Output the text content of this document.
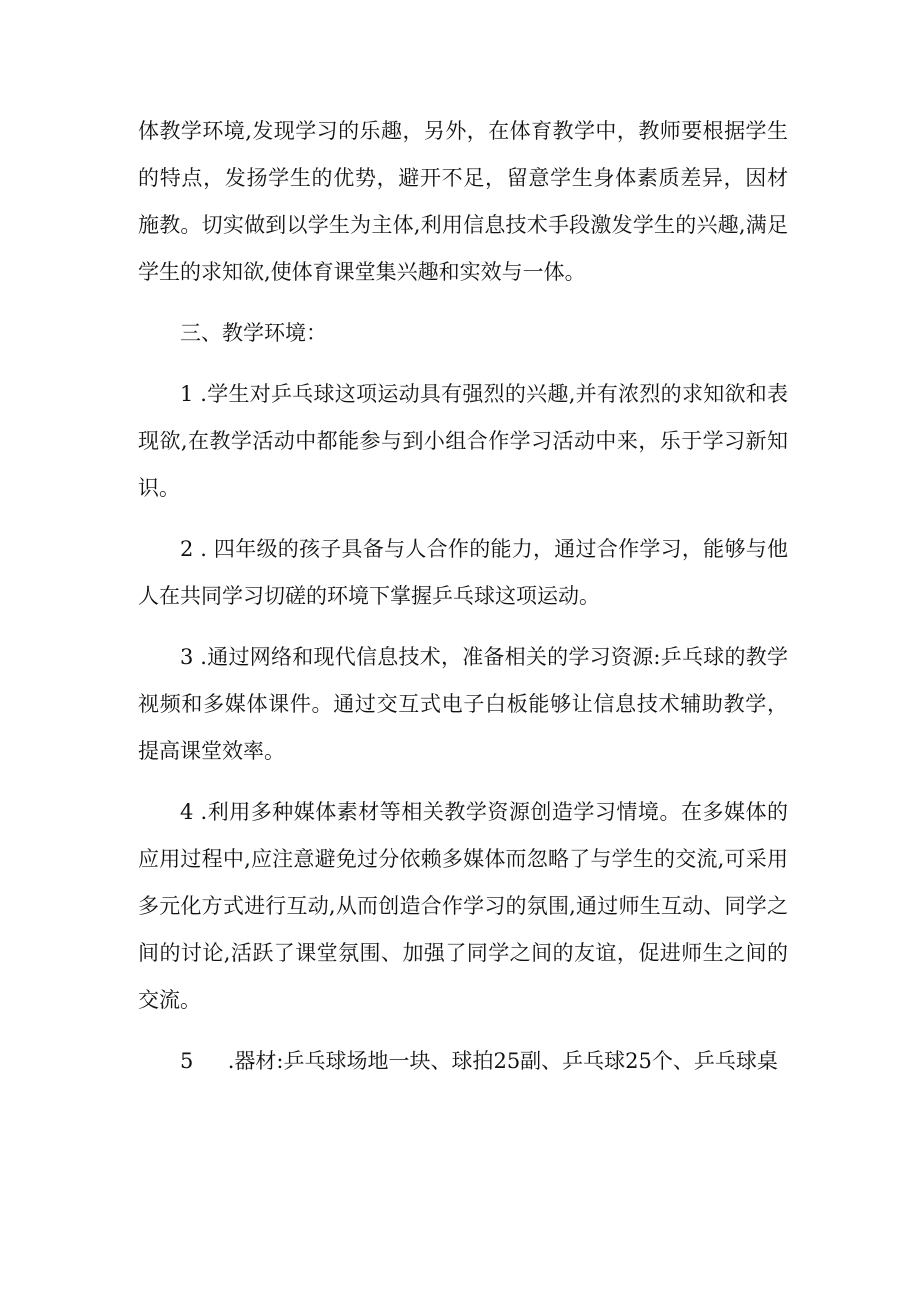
体教学环境,发现学习的乐趣，另外，在体育教学中，教师要根据学生的特点，发扬学生的优势，避开不足，留意学生身体素质差异，因材施教。切实做到以学生为主体,利用信息技术手段激发学生的兴趣,满足学生的求知欲,使体育课堂集兴趣和实效与一体。

三、教学环境：

1 .学生对乒乓球这项运动具有强烈的兴趣,并有浓烈的求知欲和表现欲,在教学活动中都能参与到小组合作学习活动中来，乐于学习新知识。

2 . 四年级的孩子具备与人合作的能力，通过合作学习，能够与他人在共同学习切磋的环境下掌握乒乓球这项运动。

3 .通过网络和现代信息技术，准备相关的学习资源:乒乓球的教学视频和多媒体课件。通过交互式电子白板能够让信息技术辅助教学，提高课堂效率。

4 .利用多种媒体素材等相关教学资源创造学习情境。在多媒体的应用过程中,应注意避免过分依赖多媒体而忽略了与学生的交流,可采用多元化方式进行互动,从而创造合作学习的氛围,通过师生互动、同学之间的讨论,活跃了课堂氛围、加强了同学之间的友谊，促进师生之间的交流。

5 　 .器材:乒乓球场地一块、球拍25副、乒乓球25个、乒乓球桌
